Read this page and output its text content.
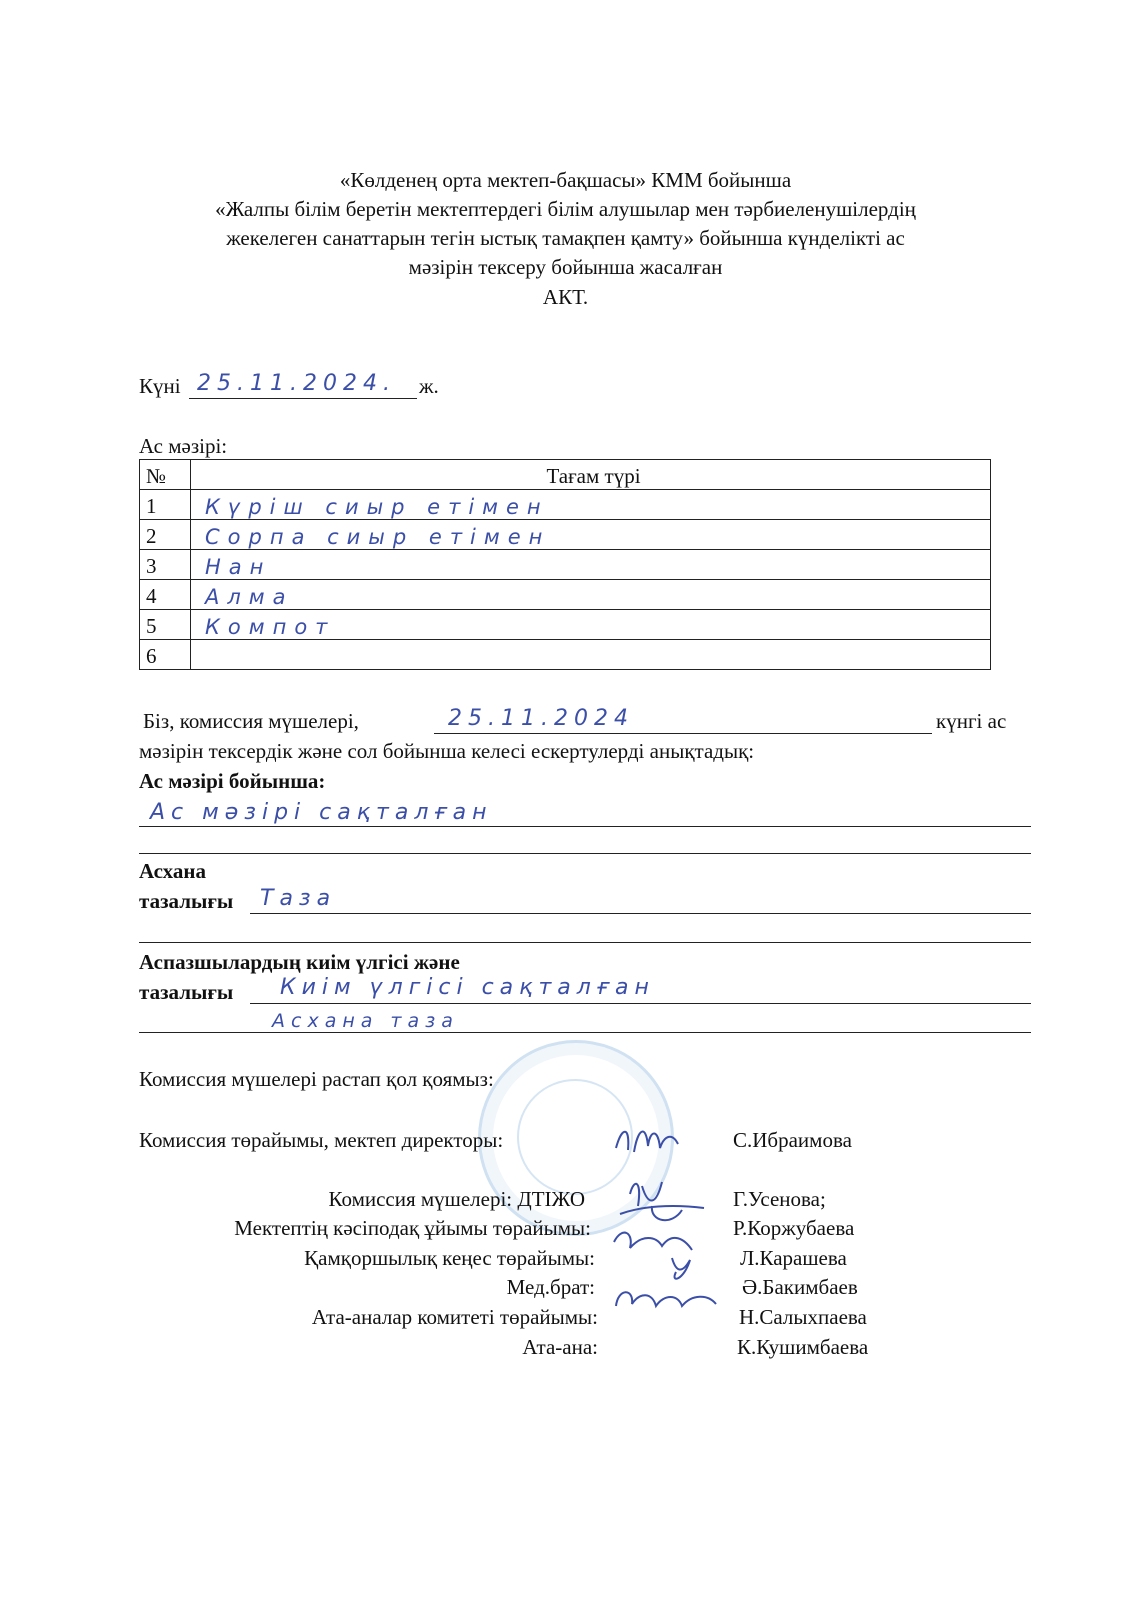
«Көлденең орта мектеп-бақшасы» КММ бойынша
«Жалпы білім беретін мектептердегі білім алушылар мен тәрбиеленушілердің
жекелеген санаттарын тегін ыстық тамақпен қамту» бойынша күнделікті ас
мәзірін тексеру бойынша жасалған
АКТ.
Күні 25.11.2024. ж.
Ас мәзірі:
№	Тағам түрі
1	Күріш сиыр етімен
2	Сорпа сиыр етімен
3	Нан
4	Алма
5	Компот
6	
Біз, комиссия мүшелері,	25.11.2024	күнгі ас
мәзірін тексердік және сол бойынша келесі ескертулерді анықтадық:
Ас мәзірі бойынша:
Ас мәзірі сақталған
Асхана
тазалығы Таза
Аспазшылардың киім үлгісі және
тазалығы Киім үлгісі сақталған
Асхана таза
Комиссия мүшелері растап қол қоямыз:
Комиссия төрайымы, мектеп директоры:	С.Ибраимова
Комиссия мүшелері: ДТІЖО	Г.Усенова;
Мектептің кәсіподақ ұйымы төрайымы:	Р.Коржубаева
Қамқоршылық кеңес төрайымы:	Л.Карашева
Мед.брат:	Ә.Бакимбаев
Ата-аналар комитеті төрайымы:	Н.Салыхпаева
Ата-ана:	К.Кушимбаева
